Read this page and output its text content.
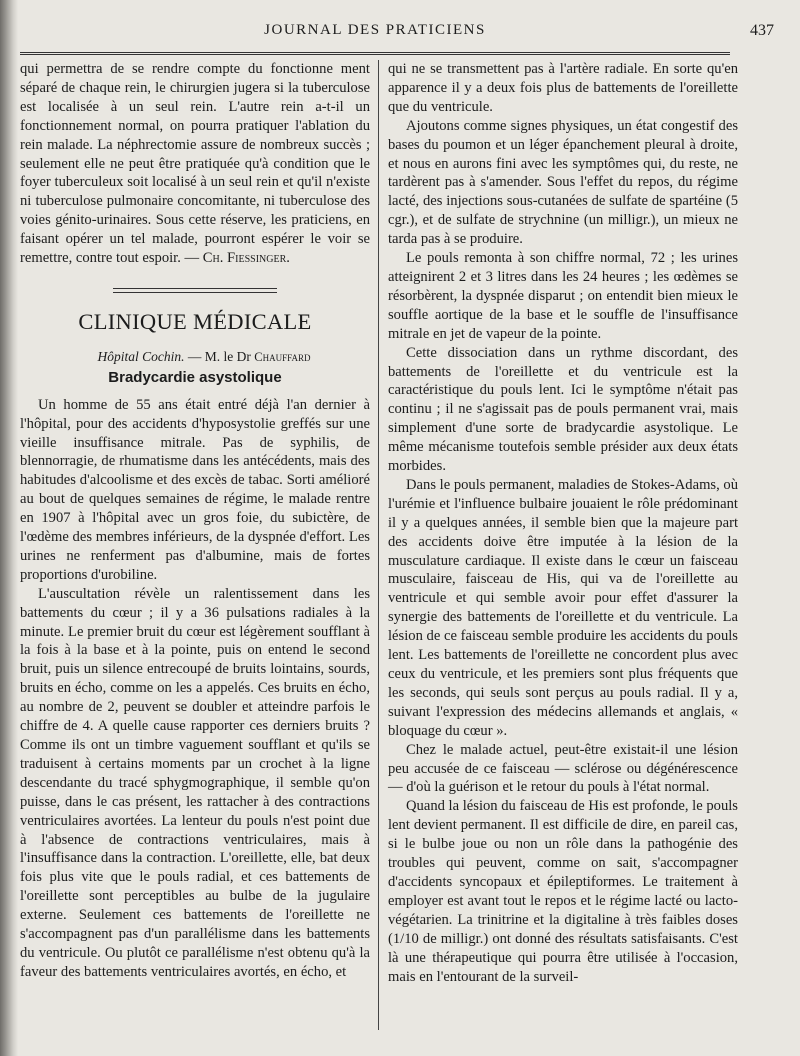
JOURNAL DES PRATICIENS	437

qui permettra de se rendre compte du fonctionne ment séparé de chaque rein, le chirurgien jugera si la tuberculose est localisée à un seul rein. L'autre rein a-t-il un fonctionnement normal, on pourra pratiquer l'ablation du rein malade. La néphrectomie assure de nombreux succès ; seulement elle ne peut être pratiquée qu'à condition que le foyer tuberculeux soit localisé à un seul rein et qu'il n'existe ni tuberculose pulmonaire concomitante, ni tuberculose des voies génito-urinaires. Sous cette réserve, les praticiens, en faisant opérer un tel malade, pourront espérer le voir se remettre, contre tout espoir. — Ch. Fiessinger.

CLINIQUE MÉDICALE

Hôpital Cochin. — M. le Dr Chauffard

Bradycardie asystolique

Un homme de 55 ans était entré déjà l'an dernier à l'hôpital, pour des accidents d'hyposystolie greffés sur une vieille insuffisance mitrale. Pas de syphilis, de blennorragie, de rhumatisme dans les antécédents, mais des habitudes d'alcoolisme et des excès de tabac. Sorti amélioré au bout de quelques semaines de régime, le malade rentre en 1907 à l'hôpital avec un gros foie, du subictère, de l'œdème des membres inférieurs, de la dyspnée d'effort. Les urines ne renferment pas d'albumine, mais de fortes proportions d'urobiline.

L'auscultation révèle un ralentissement dans les battements du cœur ; il y a 36 pulsations radiales à la minute. Le premier bruit du cœur est légèrement soufflant à la fois à la base et à la pointe, puis on entend le second bruit, puis un silence entrecoupé de bruits lointains, sourds, bruits en écho, comme on les a appelés. Ces bruits en écho, au nombre de 2, peuvent se doubler et atteindre parfois le chiffre de 4. A quelle cause rapporter ces derniers bruits ? Comme ils ont un timbre vaguement soufflant et qu'ils se traduisent à certains moments par un crochet à la ligne descendante du tracé sphygmographique, il semble qu'on puisse, dans le cas présent, les rattacher à des contractions ventriculaires avortées. La lenteur du pouls n'est point due à l'absence de contractions ventriculaires, mais à l'insuffisance dans la contraction. L'oreillette, elle, bat deux fois plus vite que le pouls radial, et ces battements de l'oreillette sont perceptibles au bulbe de la jugulaire externe. Seulement ces battements de l'oreillette ne s'accompagnent pas d'un parallélisme dans les battements du ventricule. Ou plutôt ce parallélisme n'est obtenu qu'à la faveur des battements ventriculaires avortés, en écho, et

qui ne se transmettent pas à l'artère radiale. En sorte qu'en apparence il y a deux fois plus de battements de l'oreillette que du ventricule.

Ajoutons comme signes physiques, un état congestif des bases du poumon et un léger épanchement pleural à droite, et nous en aurons fini avec les symptômes qui, du reste, ne tardèrent pas à s'amender. Sous l'effet du repos, du régime lacté, des injections sous-cutanées de sulfate de spartéine (5 cgr.), et de sulfate de strychnine (un milligr.), un mieux ne tarda pas à se produire.

Le pouls remonta à son chiffre normal, 72 ; les urines atteignirent 2 et 3 litres dans les 24 heures ; les œdèmes se résorbèrent, la dyspnée disparut ; on entendit bien mieux le souffle aortique de la base et le souffle de l'insuffisance mitrale en jet de vapeur de la pointe.

Cette dissociation dans un rythme discordant, des battements de l'oreillette et du ventricule est la caractéristique du pouls lent. Ici le symptôme n'était pas continu ; il ne s'agissait pas de pouls permanent vrai, mais simplement d'une sorte de bradycardie asystolique. Le même mécanisme toutefois semble présider aux deux états morbides.

Dans le pouls permanent, maladies de Stokes-Adams, où l'urémie et l'influence bulbaire jouaient le rôle prédominant il y a quelques années, il semble bien que la majeure part des accidents doive être imputée à la lésion de la musculature cardiaque. Il existe dans le cœur un faisceau musculaire, faisceau de His, qui va de l'oreillette au ventricule et qui semble avoir pour effet d'assurer la synergie des battements de l'oreillette et du ventricule. La lésion de ce faisceau semble produire les accidents du pouls lent. Les battements de l'oreillette ne concordent plus avec ceux du ventricule, et les premiers sont plus fréquents que les seconds, qui seuls sont perçus au pouls radial. Il y a, suivant l'expression des médecins allemands et anglais, « bloquage du cœur ».

Chez le malade actuel, peut-être existait-il une lésion peu accusée de ce faisceau — sclérose ou dégénérescence — d'où la guérison et le retour du pouls à l'état normal.

Quand la lésion du faisceau de His est profonde, le pouls lent devient permanent. Il est difficile de dire, en pareil cas, si le bulbe joue ou non un rôle dans la pathogénie des troubles qui peuvent, comme on sait, s'accompagner d'accidents syncopaux et épileptiformes. Le traitement à employer est avant tout le repos et le régime lacté ou lacto-végétarien. La trinitrine et la digitaline à très faibles doses (1/10 de milligr.) ont donné des résultats satisfaisants. C'est là une thérapeutique qui pourra être utilisée à l'occasion, mais en l'entourant de la surveil-
